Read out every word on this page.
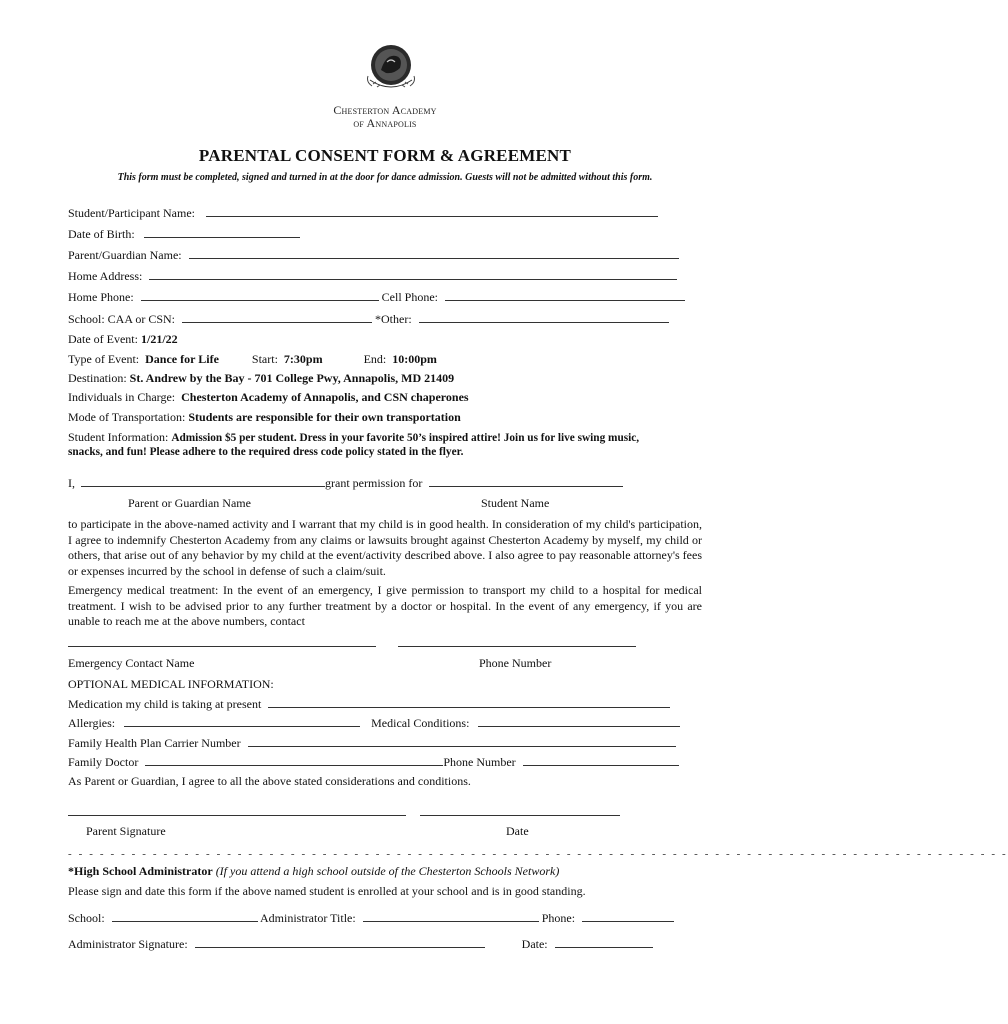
Chesterton Academy
of Annapolis
PARENTAL CONSENT FORM & AGREEMENT
This form must be completed, signed and turned in at the door for dance admission. Guests will not be admitted without this form.
Student/Participant Name:
Date of Birth:
Parent/Guardian Name:
Home Address:
Home Phone:	Cell Phone:
School: CAA or CSN:	*Other:
Date of Event: 1/21/22
Type of Event: Dance for Life	Start: 7:30pm	End: 10:00pm
Destination: St. Andrew by the Bay - 701 College Pwy, Annapolis, MD 21409
Individuals in Charge: Chesterton Academy of Annapolis, and CSN chaperones
Mode of Transportation: Students are responsible for their own transportation
Student Information: Admission $5 per student. Dress in your favorite 50’s inspired attire! Join us for live swing music,
snacks, and fun! Please adhere to the required dress code policy stated in the flyer.
I,	grant permission for
Parent or Guardian Name	Student Name
to participate in the above-named activity and I warrant that my child is in good health. In consideration of my child's participation, I agree to indemnify Chesterton Academy from any claims or lawsuits brought against Chesterton Academy by myself, my child or others, that arise out of any behavior by my child at the event/activity described above. I also agree to pay reasonable attorney's fees or expenses incurred by the school in defense of such a claim/suit.
Emergency medical treatment: In the event of an emergency, I give permission to transport my child to a hospital for medical treatment. I wish to be advised prior to any further treatment by a doctor or hospital. In the event of any emergency, if you are unable to reach me at the above numbers, contact
Emergency Contact Name	Phone Number
OPTIONAL MEDICAL INFORMATION:
Medication my child is taking at present
Allergies:	Medical Conditions:
Family Health Plan Carrier Number
Family Doctor	Phone Number
As Parent or Guardian, I agree to all the above stated considerations and conditions.
Parent Signature	Date
- - - - - - - - - - - - - - - - - - - - - - - - - - - - - - - - - - - - - - - - - - - - - - - - - - - - - - - - - - - - - - - - - - - - - - - - - - - - - - - - - - - - - - - - -
*High School Administrator (If you attend a high school outside of the Chesterton Schools Network)
Please sign and date this form if the above named student is enrolled at your school and is in good standing.
School:	Administrator Title:	Phone:
Administrator Signature:	Date:
